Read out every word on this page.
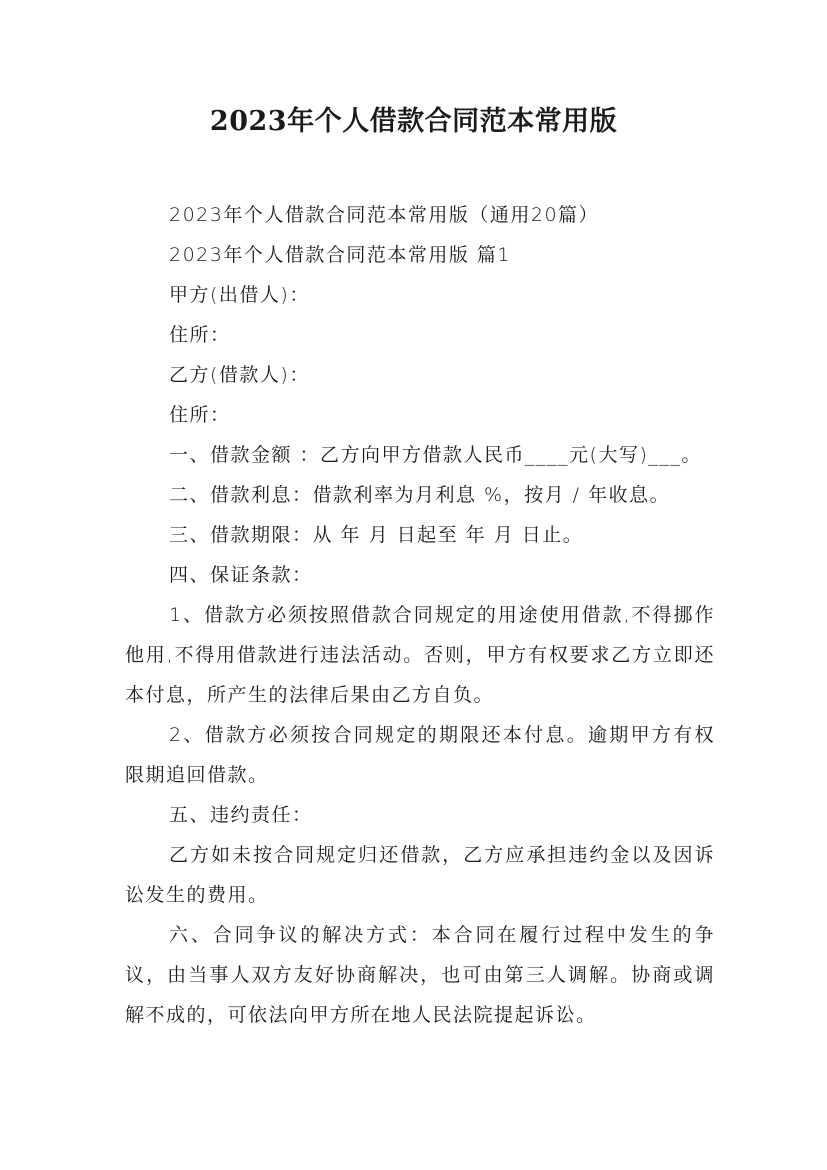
2023年个人借款合同范本常用版

2023年个人借款合同范本常用版（通用20篇）

2023年个人借款合同范本常用版 篇1

甲方(出借人)：

住所：

乙方(借款人)：

住所：

一、借款金额 ：乙方向甲方借款人民币____元(大写)___。

二、借款利息：借款利率为月利息 %，按月 / 年收息。

三、借款期限：从 年 月 日起至 年 月 日止。

四、保证条款：

1、借款方必须按照借款合同规定的用途使用借款,不得挪作他用,不得用借款进行违法活动。否则，甲方有权要求乙方立即还本付息，所产生的法律后果由乙方自负。

2、借款方必须按合同规定的期限还本付息。逾期甲方有权限期追回借款。

五、违约责任：

乙方如未按合同规定归还借款，乙方应承担违约金以及因诉讼发生的费用。

六、合同争议的解决方式：本合同在履行过程中发生的争议，由当事人双方友好协商解决，也可由第三人调解。协商或调解不成的，可依法向甲方所在地人民法院提起诉讼。
